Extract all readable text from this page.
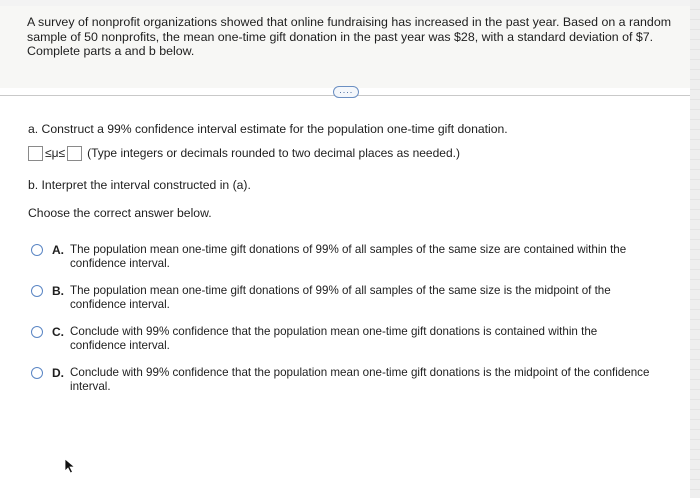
A survey of nonprofit organizations showed that online fundraising has increased in the past year. Based on a random sample of 50 nonprofits, the mean one-time gift donation in the past year was $28, with a standard deviation of $7. Complete parts a and b below.
····
a. Construct a 99% confidence interval estimate for the population one-time gift donation.
≤μ≤ (Type integers or decimals rounded to two decimal places as needed.)
b. Interpret the interval constructed in (a).
Choose the correct answer below.
A. The population mean one-time gift donations of 99% of all samples of the same size are contained within the confidence interval.
B. The population mean one-time gift donations of 99% of all samples of the same size is the midpoint of the confidence interval.
C. Conclude with 99% confidence that the population mean one-time gift donations is contained within the confidence interval.
D. Conclude with 99% confidence that the population mean one-time gift donations is the midpoint of the confidence interval.
